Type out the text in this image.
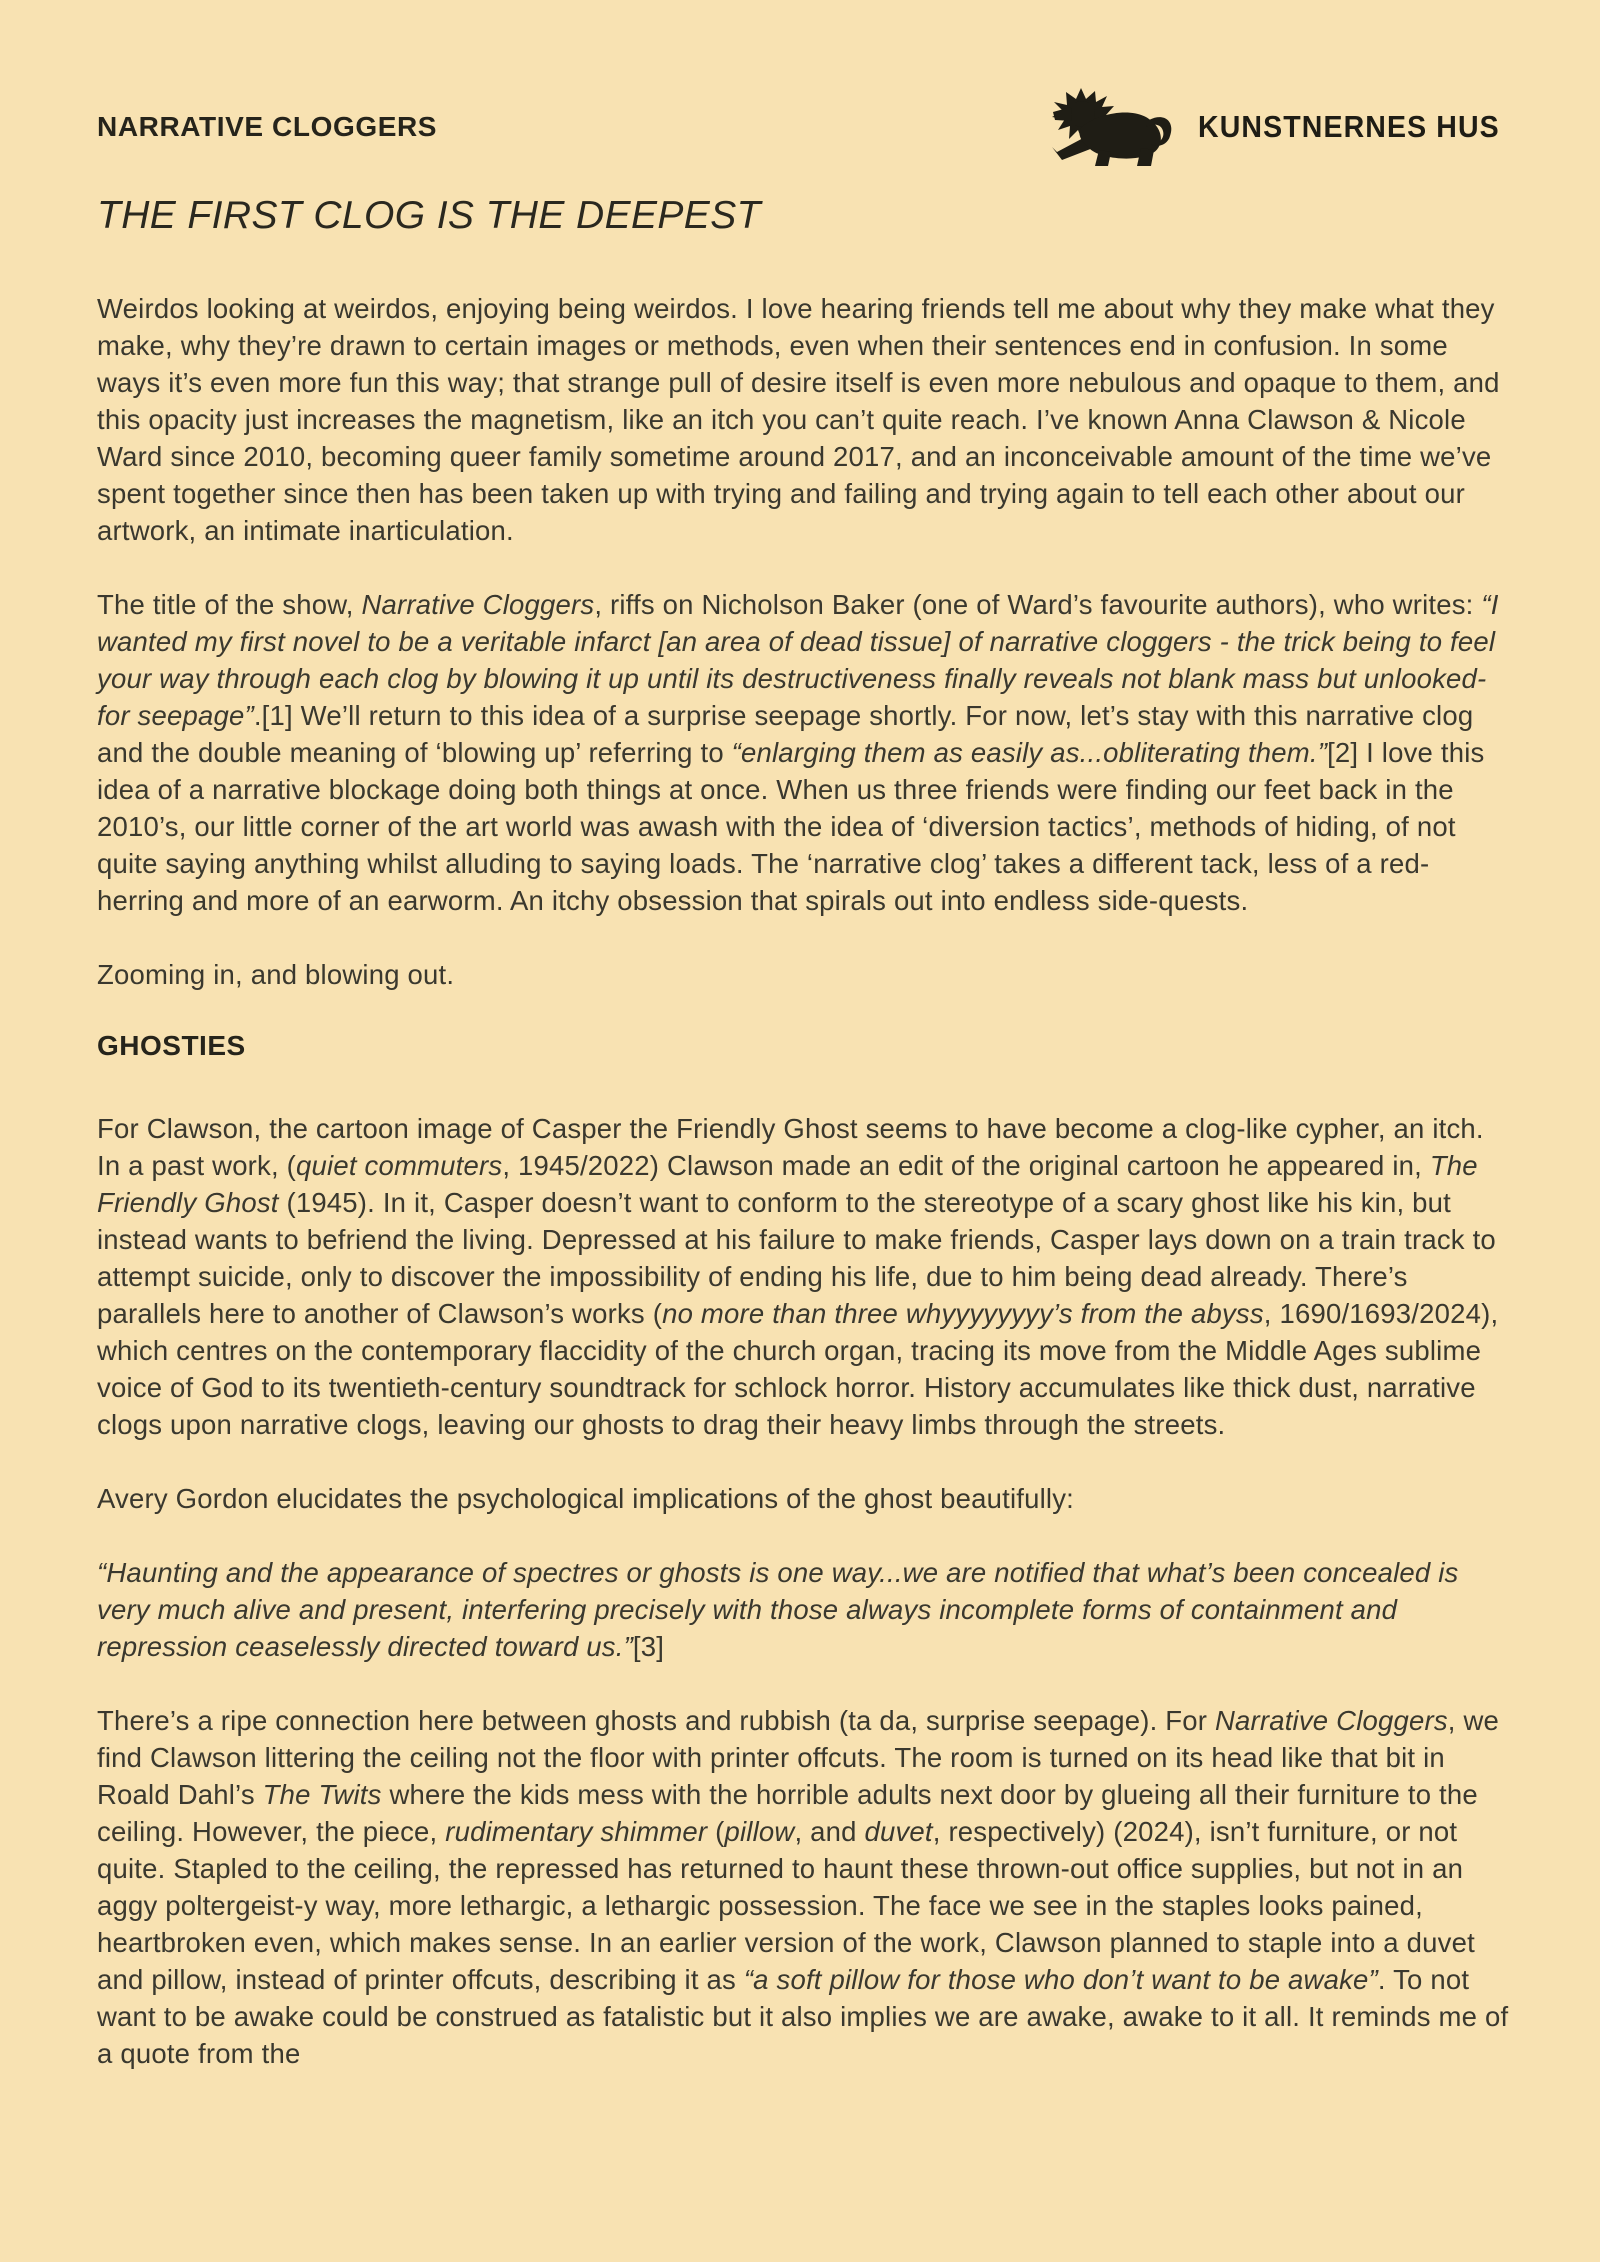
NARRATIVE CLOGGERS	KUNSTNERNES HUS
THE FIRST CLOG IS THE DEEPEST

Weirdos looking at weirdos, enjoying being weirdos. I love hearing friends tell me about why they make what they make, why they’re drawn to certain images or methods, even when their sentences end in confusion. In some ways it’s even more fun this way; that strange pull of desire itself is even more nebulous and opaque to them, and this opacity just increases the magnetism, like an itch you can’t quite reach. I’ve known Anna Clawson & Nicole Ward since 2010, becoming queer family sometime around 2017, and an inconceivable amount of the time we’ve spent together since then has been taken up with trying and failing and trying again to tell each other about our artwork, an intimate inarticulation.

The title of the show, Narrative Cloggers, riffs on Nicholson Baker (one of Ward’s favourite authors), who writes: “I wanted my first novel to be a veritable infarct [an area of dead tissue] of narrative cloggers - the trick being to feel your way through each clog by blowing it up until its destructiveness finally reveals not blank mass but unlooked-for seepage”.[1] We’ll return to this idea of a surprise seepage shortly. For now, let’s stay with this narrative clog and the double meaning of ‘blowing up’ referring to “enlarging them as easily as...obliterating them.”[2] I love this idea of a narrative blockage doing both things at once. When us three friends were finding our feet back in the 2010’s, our little corner of the art world was awash with the idea of ‘diversion tactics’, methods of hiding, of not quite saying anything whilst alluding to saying loads. The ‘narrative clog’ takes a different tack, less of a red-herring and more of an earworm. An itchy obsession that spirals out into endless side-quests.

Zooming in, and blowing out.

GHOSTIES

For Clawson, the cartoon image of Casper the Friendly Ghost seems to have become a clog-like cypher, an itch. In a past work, (quiet commuters, 1945/2022) Clawson made an edit of the original cartoon he appeared in, The Friendly Ghost (1945). In it, Casper doesn’t want to conform to the stereotype of a scary ghost like his kin, but instead wants to befriend the living. Depressed at his failure to make friends, Casper lays down on a train track to attempt suicide, only to discover the impossibility of ending his life, due to him being dead already. There’s parallels here to another of Clawson’s works (no more than three whyyyyyyyy’s from the abyss, 1690/1693/2024), which centres on the contemporary flaccidity of the church organ, tracing its move from the Middle Ages sublime voice of God to its twentieth-century soundtrack for schlock horror. History accumulates like thick dust, narrative clogs upon narrative clogs, leaving our ghosts to drag their heavy limbs through the streets.

Avery Gordon elucidates the psychological implications of the ghost beautifully:

“Haunting and the appearance of spectres or ghosts is one way...we are notified that what’s been concealed is very much alive and present, interfering precisely with those always incomplete forms of containment and repression ceaselessly directed toward us.”[3]

There’s a ripe connection here between ghosts and rubbish (ta da, surprise seepage). For Narrative Cloggers, we find Clawson littering the ceiling not the floor with printer offcuts. The room is turned on its head like that bit in Roald Dahl’s The Twits where the kids mess with the horrible adults next door by glueing all their furniture to the ceiling. However, the piece, rudimentary shimmer (pillow, and duvet, respectively) (2024), isn’t furniture, or not quite. Stapled to the ceiling, the repressed has returned to haunt these thrown-out office supplies, but not in an aggy poltergeist-y way, more lethargic, a lethargic possession. The face we see in the staples looks pained, heartbroken even, which makes sense. In an earlier version of the work, Clawson planned to staple into a duvet and pillow, instead of printer offcuts, describing it as “a soft pillow for those who don’t want to be awake”. To not want to be awake could be construed as fatalistic but it also implies we are awake, awake to it all. It reminds me of a quote from the
